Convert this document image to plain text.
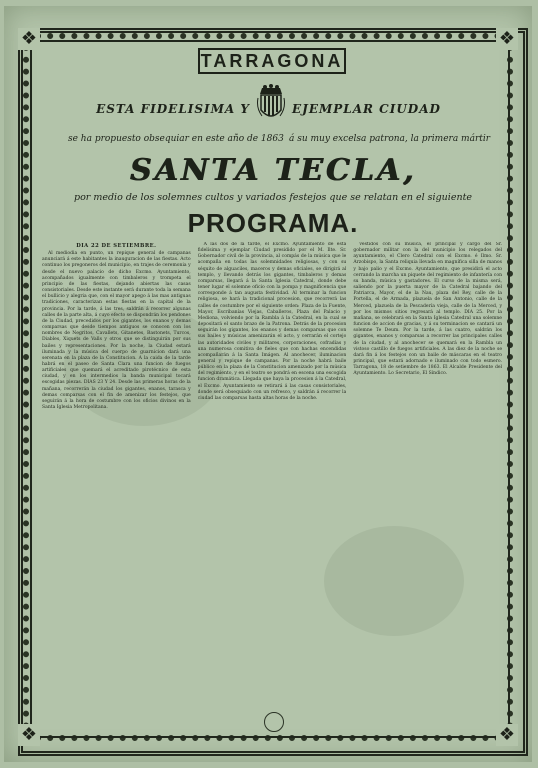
❖	❖
❖	❖
TARRAGONA
ESTA FIDELISIMA Y	EJEMPLAR CIUDAD
se ha propuesto obsequiar en este año de 1863 á su muy excelsa patrona, la primera mártir
SANTA TECLA,
por medio de los solemnes cultos y variados festejos que se relatan en el siguiente
PROGRAMA.
DIA 22 DE SETIEMBRE.

Al mediodia en punto, un repique general de campanas anunciará á este habitantes la inauguracion de las fiestas. Acto continuo los pregoneros del municipio, en trajes de ceremonia y desde el nuevo palacio de dicho Excmo. Ayuntamiento, acompañados igualmente con timbaleros y trompeta el principio de las fiestas, dejando abiertas las casas consistoriales. Desde este instante será durante toda la semana el bullicio y alegria que, con el mayor apego á las mas antiguas tradiciones, caracterizan estas fiestas en la capital de la provincia. Por la tarde, á las tres, saldrán á recorrer algunas calles de la parte alta, á cuyo efecto se dispondrán los pendones de la Ciudad, precedidos por los gigantes, los enanos y demas comparsas que desde tiempos antiguos se conocen con los nombres de Negritos, Cavallets, Gitanetes, Bastonets, Turcos, Diables, Xiquets de Valls y otros que se distinguirán por sus bailes y representaciones. Por la noche, la Ciudad estará iluminada y la música del cuerpo de guarnicion dará una serenata en la plaza de la Constitucion. A la caida de la tarde habrá en el paseo de Santa Clara una funcion de fuegos artificiales que quemará el acreditado pirotécnico de esta ciudad, y en los intermedios la banda municipal tocará escogidas piezas. DIAS 23 Y 24. Desde las primeras horas de la mañana, recorrerán la ciudad los gigantes, enanos, tarasca y demas comparsas con el fin de amenizar los festejos, que seguirán á la hora de costumbre con los oficios divinos en la Santa Iglesia Metropolitana.

A las dos de la tarde, el Excmo. Ayuntamiento de esta fidelísima y ejemplar Ciudad presidido por el M. Ilte. Sr. Gobernador civil de la provincia, al compás de la música que le acompaña en todas las solemnidades religiosas, y con su séquito de alguaciles, maceros y demas oficiales, se dirigirá al templo, y llevando detrás los gigantes, timbaleros y demas comparsas, llegará á la Santa Iglesia Catedral, donde debe tener lugar el solemne oficio con la pompa y magnificencia que corresponde á tan augusta festividad. Al terminar la funcion religiosa, se hará la tradicional procesion, que recorrerá las calles de costumbre por el siguiente orden: Plaza de la Fuente, Mayor, Escribanías Viejas, Caballeros, Plaza del Palacio y Mediona, volviendo por la Rambla á la Catedral, en la cual se depositará el santo brazo de la Patrona. Detrás de la procesion seguirán los gigantes, los enanos y demas comparsas que con sus bailes y músicas amenizarán el acto, y cerrarán el cortejo las autoridades civiles y militares, corporaciones, cofradías y una numerosa comitiva de fieles que con hachas encendidas acompañarán á la Santa Imágen. Al anochecer, iluminacion general y repique de campanas. Por la noche habrá baile público en la plaza de la Constitucion amenizado por la música del regimiento, y en el teatro se pondrá en escena una escogida funcion dramática. Llegada que haya la procesion á la Catedral, el Excmo. Ayuntamiento se retirará á las casas consistoriales, donde será obsequiado con un refresco, y saldrán á recorrer la ciudad las comparsas hasta altas horas de la noche.

vestidos con su música, el principal y cargo del Sr. gobernador militar con la del municipio los relegados del ayuntamiento, el Clero Catedral con el Excmo. é Ilmo. Sr. Arzobispo, la Santa reliquia llevada en magnífica silla de manos y bajo palio y el Excmo. Ayuntamiento, que presidirá el acto cerrando la marcha un piquete del regimiento de infantería con su banda, música y gastadores. El curso de la misma será, saliendo por la puerta mayor de la Catedral bajando del Patriarca, Mayor, el de la Nau, plaza del Rey, calle de la Portella, el de Armada, plazuela de San Antonio, calle de la Merced, plazuela de la Pescadería vieja, calle de la Merced, y por los mismos sitios regresará al templo. DIA 25. Por la mañana, se celebrará en la Santa Iglesia Catedral una solemne funcion de accion de gracias, y á su terminacion se cantará un solemne Te Deum. Por la tarde, á las cuatro, saldrán los gigantes, enanos y comparsas a recorrer las principales calles de la ciudad, y al anochecer se quemará en la Rambla un vistoso castillo de fuegos artificiales. A las diez de la noche se dará fin á los festejos con un baile de máscaras en el teatro principal, que estará adornado e iluminado con todo esmero. Tarragona, 18 de setiembre de 1863. El Alcalde Presidente del Ayuntamiento. Lo Secretario, El Síndico.
